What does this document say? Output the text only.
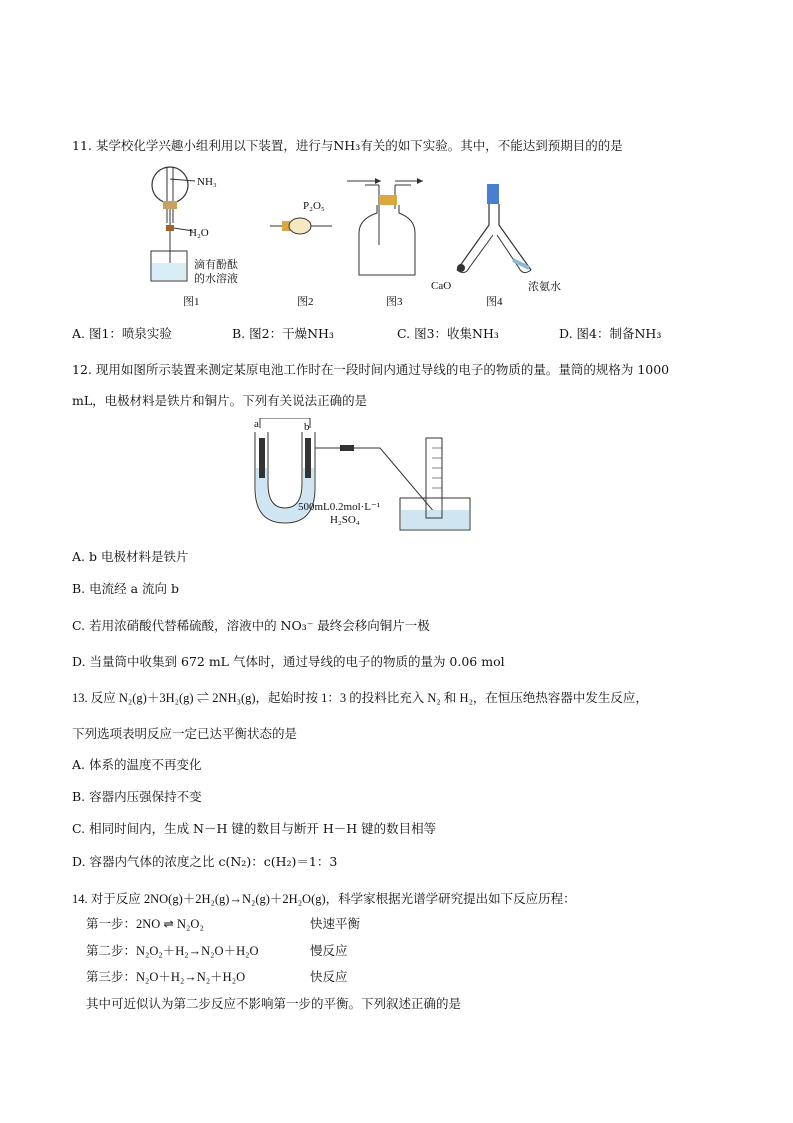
11. 某学校化学兴趣小组利用以下装置，进行与NH₃有关的如下实验。其中，不能达到预期目的的是
NH₃
H₂O
滴有酚酞
的水溶液
P₂O₅
CaO	浓氨水
图1	图2	图3	图4
A. 图1：喷泉实验	B. 图2：干燥NH₃	C. 图3：收集NH₃	D. 图4：制备NH₃
12. 现用如图所示装置来测定某原电池工作时在一段时间内通过导线的电子的物质的量。量筒的规格为 1000
mL，电极材料是铁片和铜片。下列有关说法正确的是
a	b
500mL0.2mol·L⁻¹
H₂SO₄
A. b 电极材料是铁片
B. 电流经 a 流向 b
C. 若用浓硝酸代替稀硫酸，溶液中的 NO₃⁻ 最终会移向铜片一极
D. 当量筒中收集到 672 mL 气体时，通过导线的电子的物质的量为 0.06 mol
13. 反应 N₂(g)＋3H₂(g) ⇌ 2NH₃(g)，起始时按 1：3 的投料比充入 N₂ 和 H₂，在恒压绝热容器中发生反应，
下列选项表明反应一定已达平衡状态的是
A. 体系的温度不再变化
B. 容器内压强保持不变
C. 相同时间内，生成 N－H 键的数目与断开 H－H 键的数目相等
D. 容器内气体的浓度之比 c(N₂)：c(H₂)＝1：3
14. 对于反应 2NO(g)＋2H₂(g)→N₂(g)＋2H₂O(g)，科学家根据光谱学研究提出如下反应历程：
第一步：2NO ⇌ N₂O₂	快速平衡
第二步：N₂O₂＋H₂→N₂O＋H₂O	慢反应
第三步：N₂O＋H₂→N₂＋H₂O	快反应
其中可近似认为第二步反应不影响第一步的平衡。下列叙述正确的是
